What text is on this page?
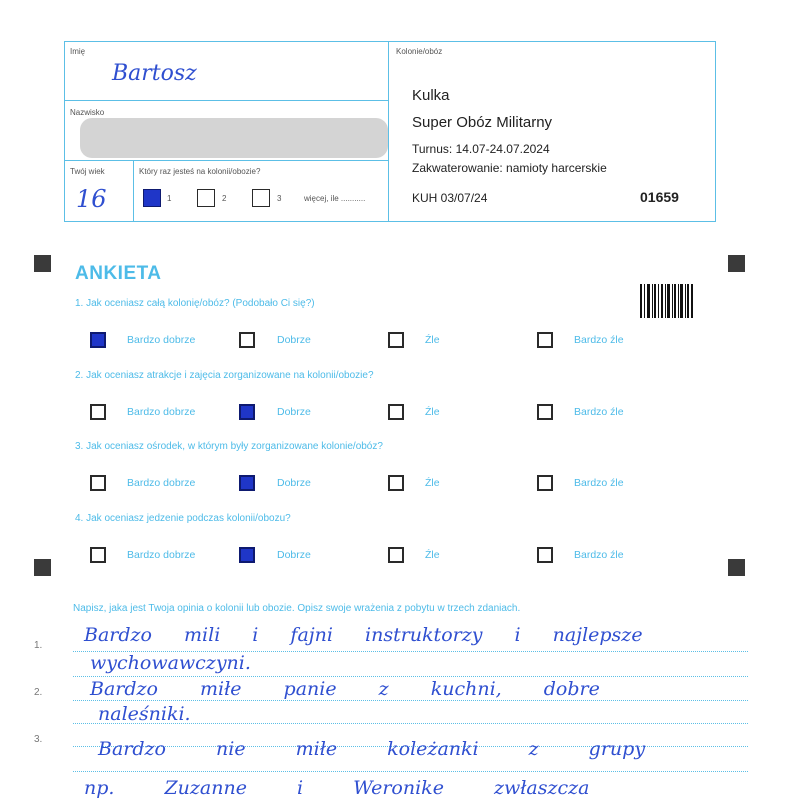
Imię
Bartosz
Nazwisko
Twój wiek
16
Który raz jesteś na kolonii/obozie?
1	2	3	więcej, ile ...........
Kolonie/obóz
Kulka
Super Obóz Militarny
Turnus: 14.07-24.07.2024
Zakwaterowanie: namioty harcerskie
KUH 03/07/24	01659
ANKIETA
1. Jak oceniasz całą kolonię/obóz? (Podobało Ci się?)
Bardzo dobrze	Dobrze	Źle	Bardzo źle
2. Jak oceniasz atrakcje i zajęcia zorganizowane na kolonii/obozie?
Bardzo dobrze	Dobrze	Źle	Bardzo źle
3. Jak oceniasz ośrodek, w którym były zorganizowane kolonie/obóz?
Bardzo dobrze	Dobrze	Źle	Bardzo źle
4. Jak oceniasz jedzenie podczas kolonii/obozu?
Bardzo dobrze	Dobrze	Źle	Bardzo źle
Napisz, jaka jest Twoja opinia o kolonii lub obozie. Opisz swoje wrażenia z pobytu w trzech zdaniach.
1.
2.
3.
Bardzo mili i fajni instruktorzy i najlepsze
wychowawczyni.
Bardzo miłe panie z kuchni, dobre
naleśniki.
Bardzo nie miłe koleżanki z grupy
np. Zuzanne i Weronike zwłaszcza
